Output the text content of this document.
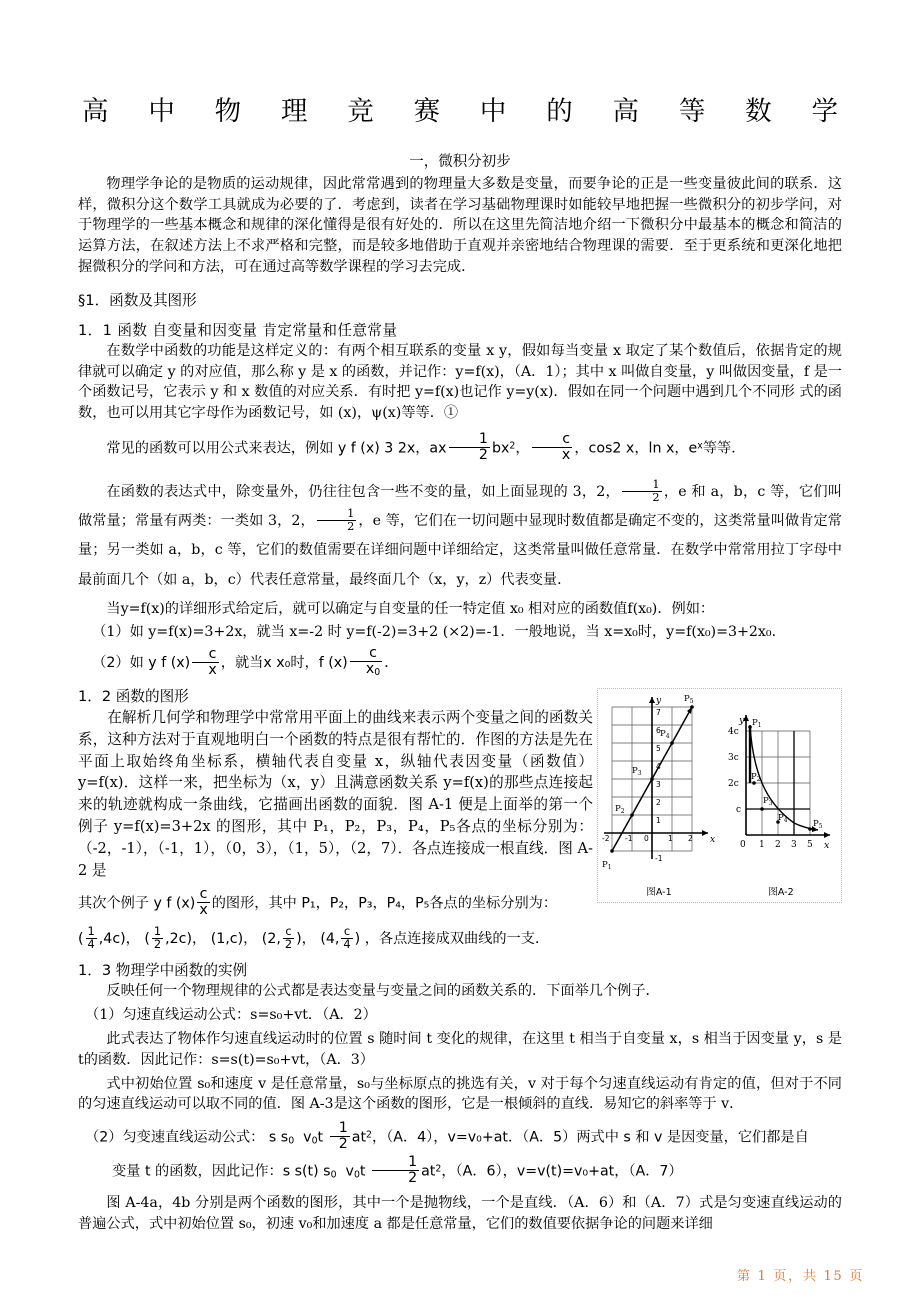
高 中 物 理 竞 赛 中 的 高 等 数 学
一，微积分初步

物理学争论的是物质的运动规律，因此常常遇到的物理量大多数是变量，而要争论的正是一些变量彼此间的联系．这样，微积分这个数学工具就成为必要的了．考虑到，读者在学习基础物理课时如能较早地把握一些微积分的初步学问，对于物理学的一些基本概念和规律的深化懂得是很有好处的．所以在这里先简洁地介绍一下微积分中最基本的概念和简洁的运算方法，在叙述方法上不求严格和完整，而是较多地借助于直观并亲密地结合物理课的需要．至于更系统和更深化地把握微积分的学问和方法，可在通过高等数学课程的学习去完成．

§1．函数及其图形
1．1 函数 自变量和因变量 肯定常量和任意常量

在数学中函数的功能是这样定义的：有两个相互联系的变量 x y，假如每当变量 x 取定了某个数值后，依据肯定的规律就可以确定 y 的对应值，那么称 y 是 x 的函数，并记作：y=f(x)，（A．1）；其中 x 叫做自变量，y 叫做因变量，f 是一个函数记号，它表示 y 和 x 数值的对应关系．有时把 y=f(x)也记作 y=y(x)．假如在同一个问题中遇到几个不同形 式的函数，也可以用其它字母作为函数记号，如 (x)，ψ(x)等等．①

常见的函数可以用公式来表达，例如 y f (x) 3 2x，ax $\frac{1}{2} bx^2$， $\frac{c}{x}$ ，cos2 x，ln x，$e^x$等等．

在函数的表达式中，除变量外，仍往往包含一些不变的量，如上面显现的 3，2， $\frac{1}{2}$ ，e 和 a，b，c 等，它们叫做常量；常量有两类：一类如 3，2， $\frac{1}{2}$ ，e 等，它们在一切问题中显现时数值都是确定不变的，这类常量叫做肯定常量；另一类如 a，b，c 等，它们的数值需要在详细问题中详细给定，这类常量叫做任意常量．在数学中常常用拉丁字母中最前面几个（如 a，b，c）代表任意常量，最终面几个（x，y，z）代表变量．

当y=f(x)的详细形式给定后，就可以确定与自变量的任一特定值 x₀ 相对应的函数值f(x₀)．例如：

（1）如 y=f(x)=3+2x，就当 x=-2 时 y=f(-2)=3+2 (×2)=-1．一般地说，当 x=x₀时，y=f(x₀)=3+2x₀．

（2）如 y f $(x) \frac{c}{x}$ ，就当x x₀时，f $(x) \frac{c}{x_0}$ ．
1．2 函数的图形

在解析几何学和物理学中常常用平面上的曲线来表示两个变量之间的函数关系，这种方法对于直观地明白一个函数的特点是很有帮忙的．作图的方法是先在平面上取始终角坐标系，横轴代表自变量 x，纵轴代表因变量（函数值）y=f(x)．这样一来，把坐标为（x，y）且满意函数关系 y=f(x)的那些点连接起来的轨迹就构成一条曲线，它描画出函数的面貌．图 A-1 便是上面举的第一个例子 y=f(x)=3+2x 的图形，其中 P₁，P₂，P₃，P₄，P₅各点的坐标分别为：（-2，-1），（-1，1），（0，3），（1，5），（2，7）．各点连接成一根直线．图 A-2 是

其次个例子 y f $(x) \frac{c}{x}$ 的图形，其中 P₁，P₂，P₃，P₄，P₅各点的坐标分别为：
( $\frac{1}{4} ,4c$)， ( $\frac{1}{2} ,2c$)， (1,c)， (2, $\frac{c}{2}$ )， (4, $\frac{c}{4}$ ) ，各点连接成双曲线的一支．
1．3 物理学中函数的实例

反映任何一个物理规律的公式都是表达变量与变量之间的函数关系的．下面举几个例子．

（1）匀速直线运动公式：s=s₀+vt．（A．2）

此式表达了物体作匀速直线运动时的位置 s 随时间 t 变化的规律，在这里 t 相当于自变量 x，s 相当于因变量 y，s 是 t的函数．因此记作：s=s(t)=s₀+vt，（A．3）

式中初始位置 s₀和速度 v 是任意常量，s₀与坐标原点的挑选有关，v 对于每个匀速直线运动有肯定的值，但对于不同的匀速直线运动可以取不同的值．图 A-3是这个函数的图形，它是一根倾斜的直线．易知它的斜率等于 v．

（2）匀变速直线运动公式： s $s_0$  $v_0t \frac{1}{2} at^2$，（A．4），v=v₀+at．（A．5）两式中 s 和 v 是因变量，它们都是自
变量 t 的函数，因此记作：s s(t) $s_0$  $v_0t \frac{1}{2} at^2$，（A．6），v=v(t)=v₀+at，（A．7）

图 A-4a，4b 分别是两个函数的图形，其中一个是抛物线，一个是直线．（A．6）和（A．7）式是匀变速直线运动的普遍公式，式中初始位置 s₀，初速 v₀和加速度 a 都是任意常量，它们的数值要依据争论的问题来详细

7
6
5
4
3
2
1
-1
-2 -1 0	1 2
y
x
$P_1$
$P_2$
$P_3$
$P_4$
$P_5$
图A-1
4c
3c
2c
c
0 1 2 3 5
y
x
$P_1$
$P_2$
$P_3$
$P_4$	$P_5$
图A-2
第 1 页，共 15 页
